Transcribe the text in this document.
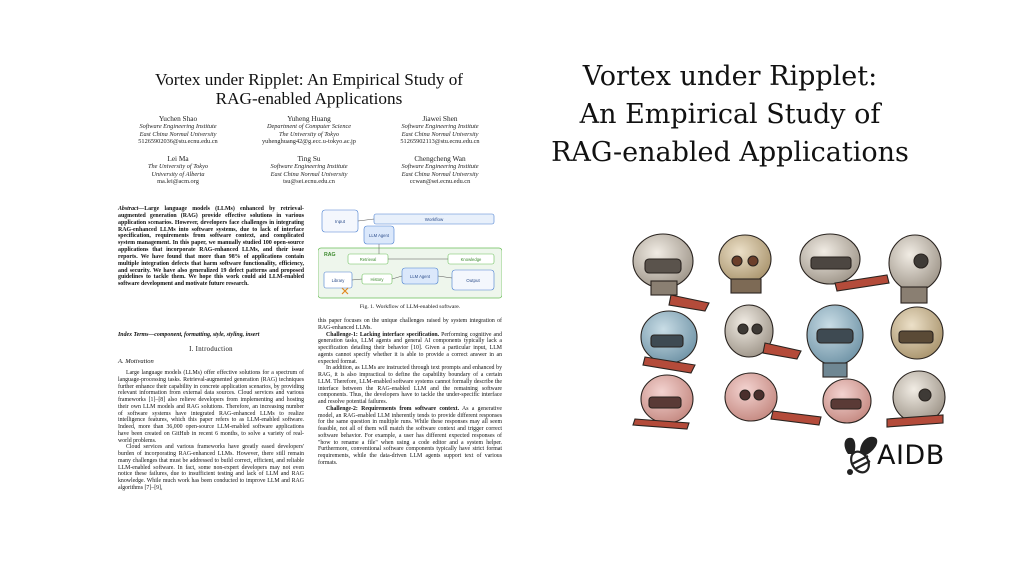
Vortex under Ripplet: An Empirical Study of
RAG-enabled Applications
Yuchen Shao
Software Engineering Institute
East China Normal University
51265902036@stu.ecnu.edu.cn
Yuheng Huang
Department of Computer Science
The University of Tokyo
yuhenghuang42@g.ecc.u-tokyo.ac.jp
Jiawei Shen
Software Engineering Institute
East China Normal University
51265902113@stu.ecnu.edu.cn
Lei Ma
The University of Tokyo
University of Alberta
ma.lei@acm.org
Ting Su
Software Engineering Institute
East China Normal University
tsu@sei.ecnu.edu.cn
Chengcheng Wan
Software Engineering Institute
East China Normal University
ccwan@sei.ecnu.edu.cn
Abstract—Large language models (LLMs) enhanced by retrieval-augmented generation (RAG) provide effective solutions in various application scenarios. However, developers face challenges in integrating RAG-enhanced LLMs into software systems, due to lack of interface specification, requirements from software context, and complicated system management. In this paper, we manually studied 100 open-source applications that incorporate RAG-enhanced LLMs, and their issue reports. We have found that more than 98% of applications contain multiple integration defects that harm software functionality, efficiency, and security. We have also generalized 19 defect patterns and proposed guidelines to tackle them. We hope this work could aid LLM-enabled software development and motivate future research.
Index Terms—component, formatting, style, styling, insert
I. Introduction
A. Motivation

Large language models (LLMs) offer effective solutions for a spectrum of language-processing tasks. Retrieval-augmented generation (RAG) techniques further enhance their capability in concrete application scenarios, by providing relevant information from external data sources. Cloud services and various frameworks [1]–[8] also relieve developers from implementing and hosting their own LLM models and RAG solutions. Therefore, an increasing number of software systems have integrated RAG-enhanced LLMs to realize intelligence features, which this paper refers to as LLM-enabled software. Indeed, more than 36,000 open-source LLM-enabled software applications have been created on GitHub in recent 6 months, to solve a variety of real-world problems.

Cloud services and various frameworks have greatly eased developers' burden of incorporating RAG-enhanced LLMs. However, there still remain many challenges that must be addressed to build correct, efficient, and reliable LLM-enabled software. In fact, some non-expert developers may not even notice these failures, due to insufficient testing and lack of LLM and RAG knowledge. While much work has been conducted to improve LLM and RAG algorithms [7]–[9],

Workflow
Input
LLM Agent
RAG
Retrieval	Knowledge
LLM Agent
Library	History	Output
Fig. 1. Workflow of LLM-enabled software.

this paper focuses on the unique challenges raised by system integration of RAG-enhanced LLMs.

Challenge-1: Lacking interface specification. Performing cognitive and generation tasks, LLM agents and general AI components typically lack a specification detailing their behavior [10]. Given a particular input, LLM agents cannot specify whether it is able to provide a correct answer in an expected format.

In addition, as LLMs are instructed through text prompts and enhanced by RAG, it is also impractical to define the capability boundary of a certain LLM. Therefore, LLM-enabled software systems cannot formally describe the interface between the RAG-enabled LLM and the remaining software components. Thus, the developers have to tackle the under-specific interface and resolve potential failures.

Challenge-2: Requirements from software context. As a generative model, an RAG-enabled LLM inherently tends to provide different responses for the same question in multiple runs. While these responses may all seem feasible, not all of them will match the software context and trigger correct software behavior. For example, a user has different expected responses of "how to rename a file" when using a code editor and a system helper. Furthermore, conventional software components typically have strict format requirements, while the data-driven LLM agents support text of various formats.

Vortex under Ripplet:
An Empirical Study of
RAG-enabled Applications
AIDB
